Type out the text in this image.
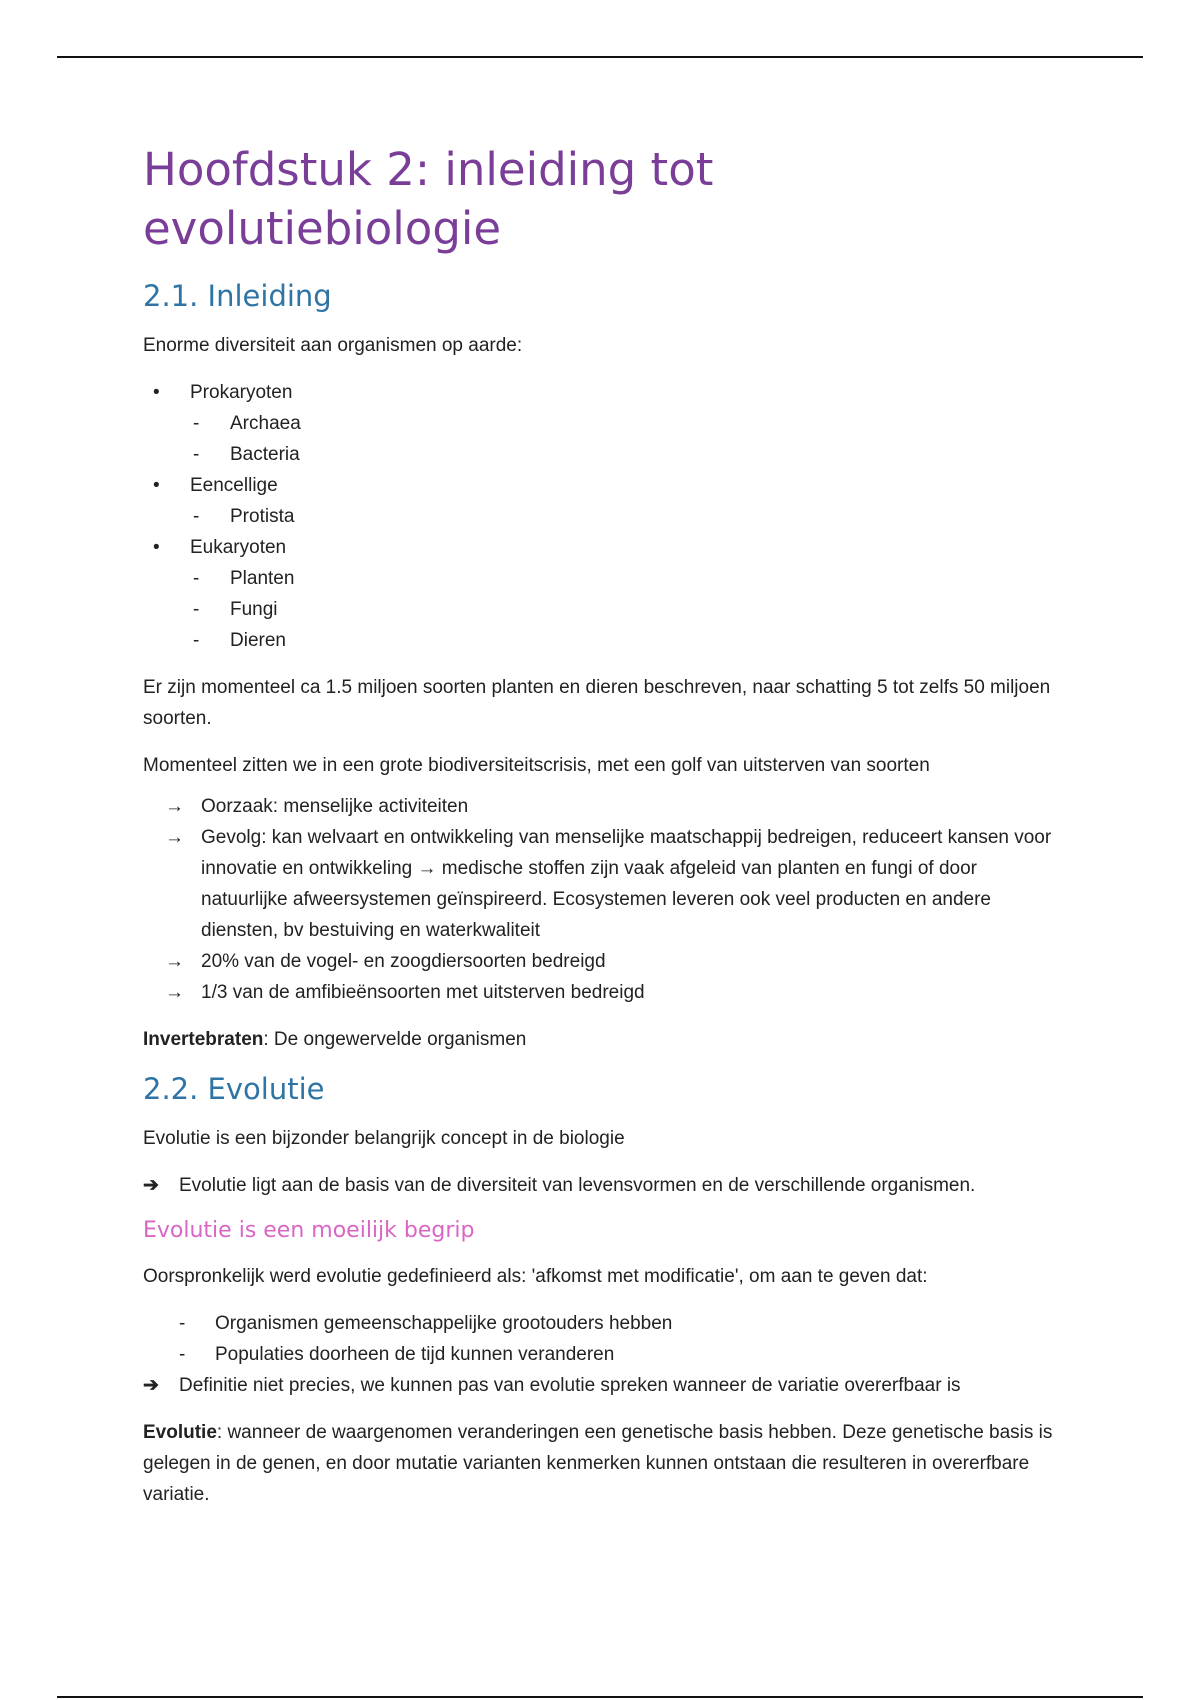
Hoofdstuk 2: inleiding tot evolutiebiologie
2.1. Inleiding

Enorme diversiteit aan organismen op aarde:

• Prokaryoten
- Archaea
- Bacteria
• Eencellige
- Protista
• Eukaryoten
- Planten
- Fungi
- Dieren

Er zijn momenteel ca 1.5 miljoen soorten planten en dieren beschreven, naar schatting 5 tot zelfs 50 miljoen soorten.

Momenteel zitten we in een grote biodiversiteitscrisis, met een golf van uitsterven van soorten

→ Oorzaak: menselijke activiteiten
→ Gevolg: kan welvaart en ontwikkeling van menselijke maatschappij bedreigen, reduceert kansen voor innovatie en ontwikkeling → medische stoffen zijn vaak afgeleid van planten en fungi of door natuurlijke afweersystemen geïnspireerd. Ecosystemen leveren ook veel producten en andere diensten, bv bestuiving en waterkwaliteit
→ 20% van de vogel- en zoogdiersoorten bedreigd
→ 1/3 van de amfibieënsoorten met uitsterven bedreigd

Invertebraten: De ongewervelde organismen

2.2. Evolutie

Evolutie is een bijzonder belangrijk concept in de biologie

➔ Evolutie ligt aan de basis van de diversiteit van levensvormen en de verschillende organismen.

Evolutie is een moeilijk begrip

Oorspronkelijk werd evolutie gedefinieerd als: 'afkomst met modificatie', om aan te geven dat:

- Organismen gemeenschappelijke grootouders hebben
- Populaties doorheen de tijd kunnen veranderen

➔ Definitie niet precies, we kunnen pas van evolutie spreken wanneer de variatie overerfbaar is

Evolutie: wanneer de waargenomen veranderingen een genetische basis hebben. Deze genetische basis is gelegen in de genen, en door mutatie varianten kenmerken kunnen ontstaan die resulteren in overerfbare variatie.
